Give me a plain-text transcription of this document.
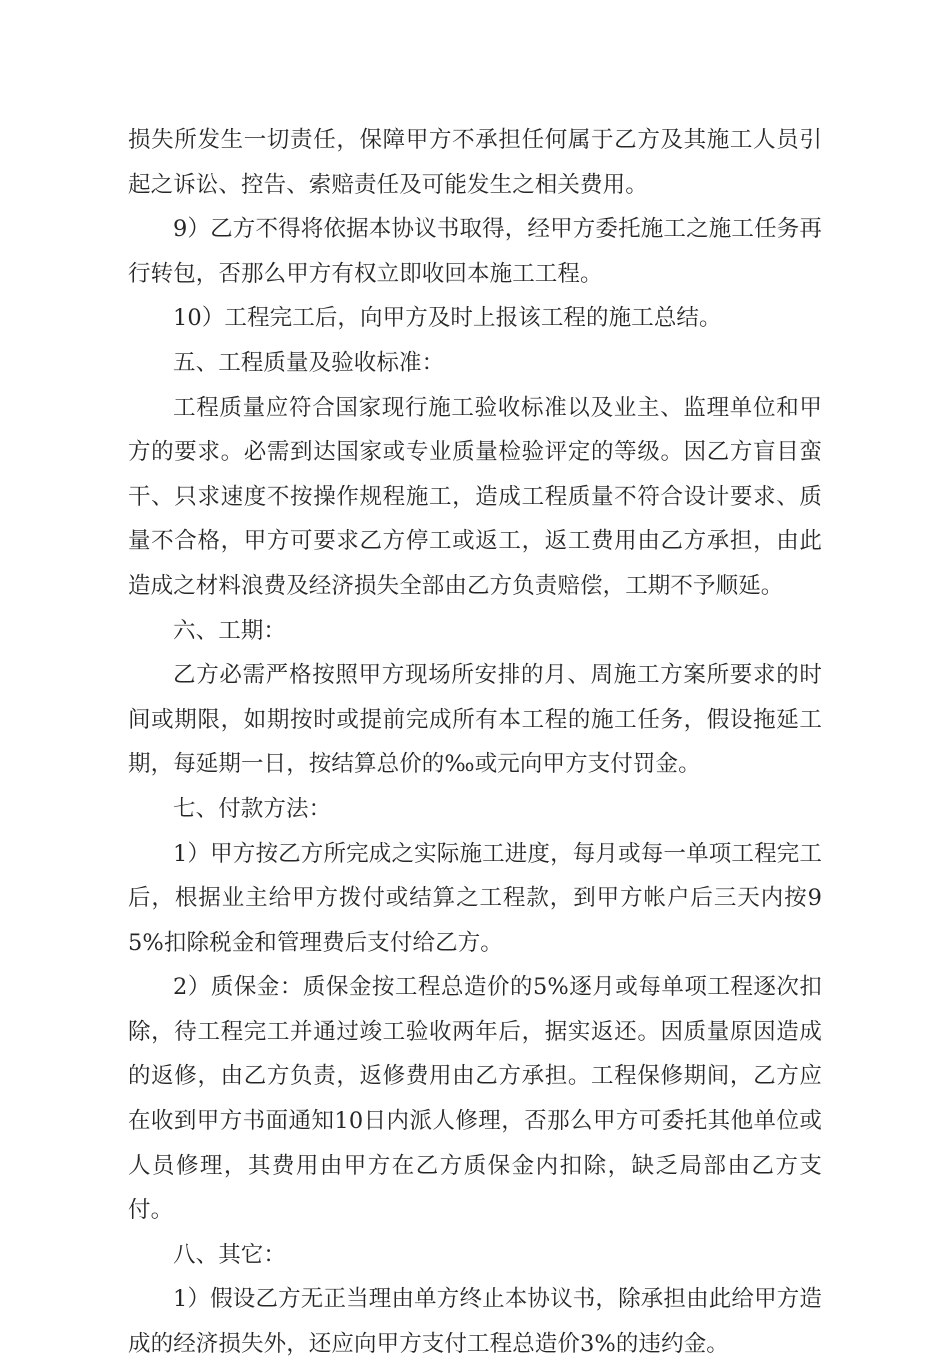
损失所发生一切责任，保障甲方不承担任何属于乙方及其施工人员引起之诉讼、控告、索赔责任及可能发生之相关费用。

9）乙方不得将依据本协议书取得，经甲方委托施工之施工任务再行转包，否那么甲方有权立即收回本施工工程。

10）工程完工后，向甲方及时上报该工程的施工总结。

五、工程质量及验收标准：

工程质量应符合国家现行施工验收标准以及业主、监理单位和甲方的要求。必需到达国家或专业质量检验评定的等级。因乙方盲目蛮干、只求速度不按操作规程施工，造成工程质量不符合设计要求、质量不合格，甲方可要求乙方停工或返工，返工费用由乙方承担，由此造成之材料浪费及经济损失全部由乙方负责赔偿，工期不予顺延。

六、工期：

乙方必需严格按照甲方现场所安排的月、周施工方案所要求的时间或期限，如期按时或提前完成所有本工程的施工任务，假设拖延工期，每延期一日，按结算总价的‰或元向甲方支付罚金。

七、付款方法：

1）甲方按乙方所完成之实际施工进度，每月或每一单项工程完工后，根据业主给甲方拨付或结算之工程款，到甲方帐户后三天内按95%扣除税金和管理费后支付给乙方。

2）质保金：质保金按工程总造价的5%逐月或每单项工程逐次扣除，待工程完工并通过竣工验收两年后，据实返还。因质量原因造成的返修，由乙方负责，返修费用由乙方承担。工程保修期间，乙方应在收到甲方书面通知10日内派人修理，否那么甲方可委托其他单位或人员修理，其费用由甲方在乙方质保金内扣除，缺乏局部由乙方支付。

八、其它：

1）假设乙方无正当理由单方终止本协议书，除承担由此给甲方造成的经济损失外，还应向甲方支付工程总造价3%的违约金。
